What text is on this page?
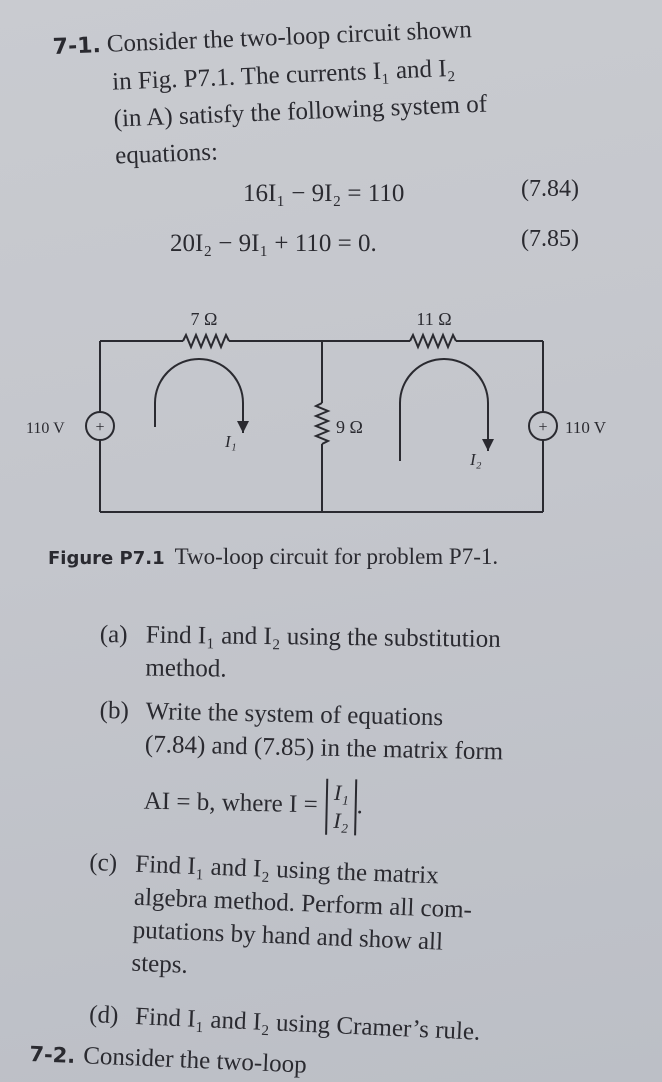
7-1. Consider the two-loop circuit shown
in Fig. P7.1. The currents I₁ and I₂
(in A) satisfy the following system of
equations:
16I₁ − 9I₂ = 110	(7.84)
20I₂ − 9I₁ + 110 = 0.	(7.85)
+	+
7 Ω	11 Ω
9 Ω
110 V	110 V
I₁
I₂
Figure P7.1 Two-loop circuit for problem P7-1.
(a) Find I₁ and I₂ using the substitution
method.
(b) Write the system of equations
(7.84) and (7.85) in the matrix form
AI = b, where I = I₁
I₂
.
(c) Find I₁ and I₂ using the matrix
algebra method. Perform all com-
putations by hand and show all
steps.
(d) Find I₁ and I₂ using Cramer’s rule.
7-2. Consider the two-loop
